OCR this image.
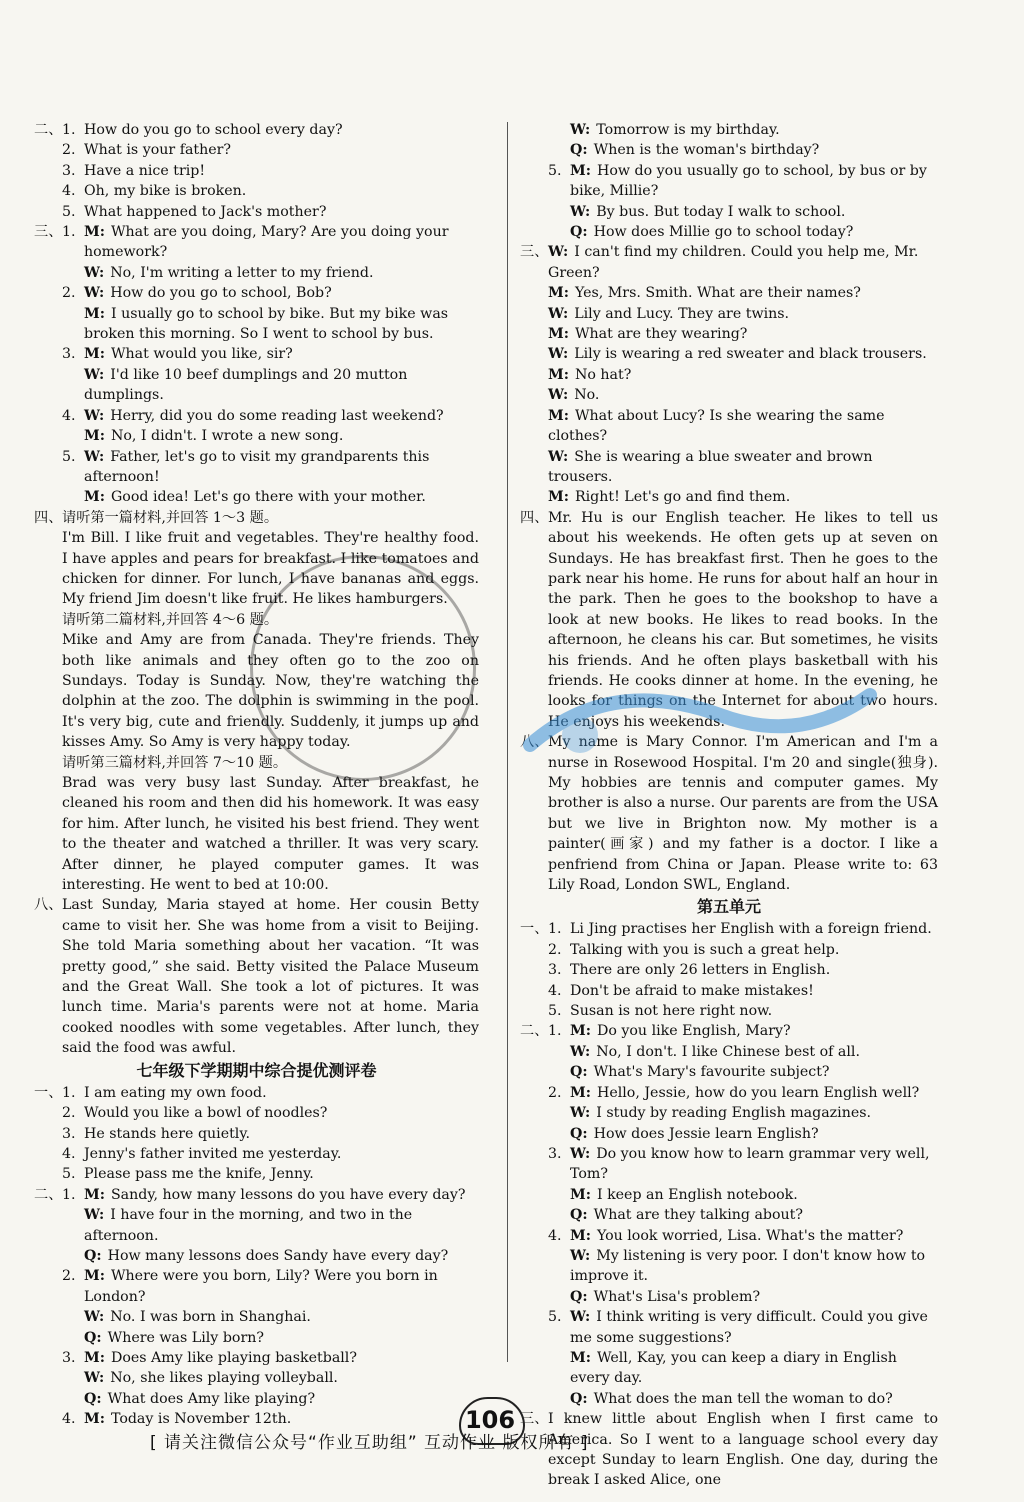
二、 1. How do you go to school every day?
2. What is your father?
3. Have a nice trip!
4. Oh, my bike is broken.
5. What happened to Jack's mother?
三、 1. M: What are you doing, Mary? Are you doing your homework?
W: No, I'm writing a letter to my friend.
2. W: How do you go to school, Bob?
M: I usually go to school by bike. But my bike was broken this morning. So I went to school by bus.
3. M: What would you like, sir?
W: I'd like 10 beef dumplings and 20 mutton dumplings.
4. W: Herry, did you do some reading last weekend?
M: No, I didn't. I wrote a new song.
5. W: Father, let's go to visit my grandparents this afternoon!
M: Good idea! Let's go there with your mother.
四、 请听第一篇材料,并回答 1～3 题。
I'm Bill. I like fruit and vegetables. They're healthy food. I have apples and pears for breakfast. I like tomatoes and chicken for dinner. For lunch, I have bananas and eggs. My friend Jim doesn't like fruit. He likes hamburgers.
请听第二篇材料,并回答 4～6 题。
Mike and Amy are from Canada. They're friends. They both like animals and they often go to the zoo on Sundays. Today is Sunday. Now, they're watching the dolphin at the zoo. The dolphin is swimming in the pool. It's very big, cute and friendly. Suddenly, it jumps up and kisses Amy. So Amy is very happy today.
请听第三篇材料,并回答 7～10 题。
Brad was very busy last Sunday. After breakfast, he cleaned his room and then did his homework. It was easy for him. After lunch, he visited his best friend. They went to the theater and watched a thriller. It was very scary. After dinner, he played computer games. It was interesting. He went to bed at 10:00.
八、 Last Sunday, Maria stayed at home. Her cousin Betty came to visit her. She was home from a visit to Beijing. She told Maria something about her vacation. “It was pretty good,” she said. Betty visited the Palace Museum and the Great Wall. She took a lot of pictures. It was lunch time. Maria's parents were not at home. Maria cooked noodles with some vegetables. After lunch, they said the food was awful.
七年级下学期期中综合提优测评卷
一、 1. I am eating my own food.
2. Would you like a bowl of noodles?
3. He stands here quietly.
4. Jenny's father invited me yesterday.
5. Please pass me the knife, Jenny.
二、 1. M: Sandy, how many lessons do you have every day?
W: I have four in the morning, and two in the afternoon.
Q: How many lessons does Sandy have every day?
2. M: Where were you born, Lily? Were you born in London?
W: No. I was born in Shanghai.
Q: Where was Lily born?
3. M: Does Amy like playing basketball?
W: No, she likes playing volleyball.
Q: What does Amy like playing?
4. M: Today is November 12th.
W: Tomorrow is my birthday.
Q: When is the woman's birthday?
5. M: How do you usually go to school, by bus or by bike, Millie?
W: By bus. But today I walk to school.
Q: How does Millie go to school today?
三、 W: I can't find my children. Could you help me, Mr. Green?
M: Yes, Mrs. Smith. What are their names?
W: Lily and Lucy. They are twins.
M: What are they wearing?
W: Lily is wearing a red sweater and black trousers.
M: No hat?
W: No.
M: What about Lucy? Is she wearing the same clothes?
W: She is wearing a blue sweater and brown trousers.
M: Right! Let's go and find them.
四、 Mr. Hu is our English teacher. He likes to tell us about his weekends. He often gets up at seven on Sundays. He has breakfast first. Then he goes to the park near his home. He runs for about half an hour in the park. Then he goes to the bookshop to have a look at new books. He likes to read books. In the afternoon, he cleans his car. But sometimes, he visits his friends. And he often plays basketball with his friends. He cooks dinner at home. In the evening, he looks for things on the Internet for about two hours. He enjoys his weekends.
八、 My name is Mary Connor. I'm American and I'm a nurse in Rosewood Hospital. I'm 20 and single(独身). My hobbies are tennis and computer games. My brother is also a nurse. Our parents are from the USA but we live in Brighton now. My mother is a painter(画家) and my father is a doctor. I like a penfriend from China or Japan. Please write to: 63 Lily Road, London SWL, England.
第五单元
一、 1. Li Jing practises her English with a foreign friend.
2. Talking with you is such a great help.
3. There are only 26 letters in English.
4. Don't be afraid to make mistakes!
5. Susan is not here right now.
二、 1. M: Do you like English, Mary?
W: No, I don't. I like Chinese best of all.
Q: What's Mary's favourite subject?
2. M: Hello, Jessie, how do you learn English well?
W: I study by reading English magazines.
Q: How does Jessie learn English?
3. W: Do you know how to learn grammar very well, Tom?
M: I keep an English notebook.
Q: What are they talking about?
4. M: You look worried, Lisa. What's the matter?
W: My listening is very poor. I don't know how to improve it.
Q: What's Lisa's problem?
5. W: I think writing is very difficult. Could you give me some suggestions?
M: Well, Kay, you can keep a diary in English every day.
Q: What does the man tell the woman to do?
三、 I knew little about English when I first came to America. So I went to a language school every day except Sunday to learn English. One day, during the break I asked Alice, one
106
[ 请关注微信公众号“作业互助组” 互动作业 版权所有 ]
